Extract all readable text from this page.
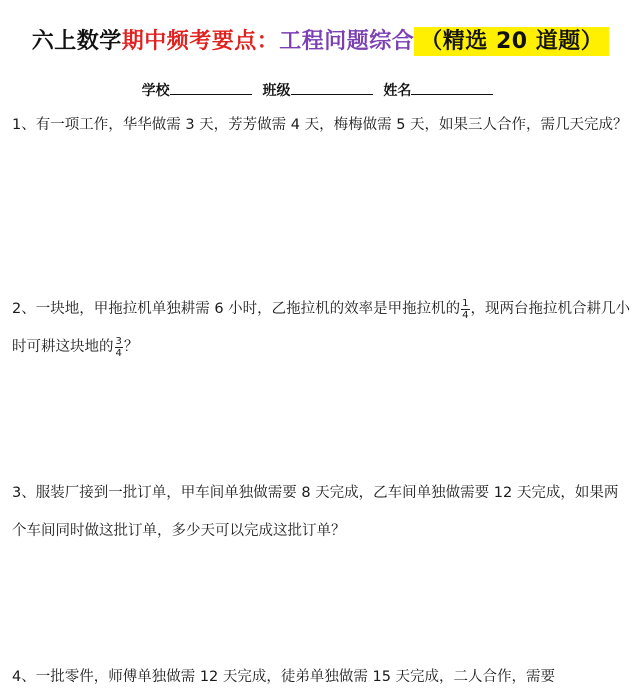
六上数学期中频考要点：工程问题综合 （精选 20 道题）
学校	班级	姓名
1、有一项工作，华华做需 3 天，芳芳做需 4 天，梅梅做需 5 天，如果三人合作，需几天完成？
2、一块地，甲拖拉机单独耕需 6 小时，乙拖拉机的效率是甲拖拉机的 $\frac{1}{4}$ ，现两台拖拉机合耕几小时可耕这块地的 $\frac{3}{4}$ ？
3、服装厂接到一批订单，甲车间单独做需要 8 天完成，乙车间单独做需要 12 天完成，如果两个车间同时做这批订单，多少天可以完成这批订单？
4、一批零件，师傅单独做需 12 天完成，徒弟单独做需 15 天完成，二人合作，需要
